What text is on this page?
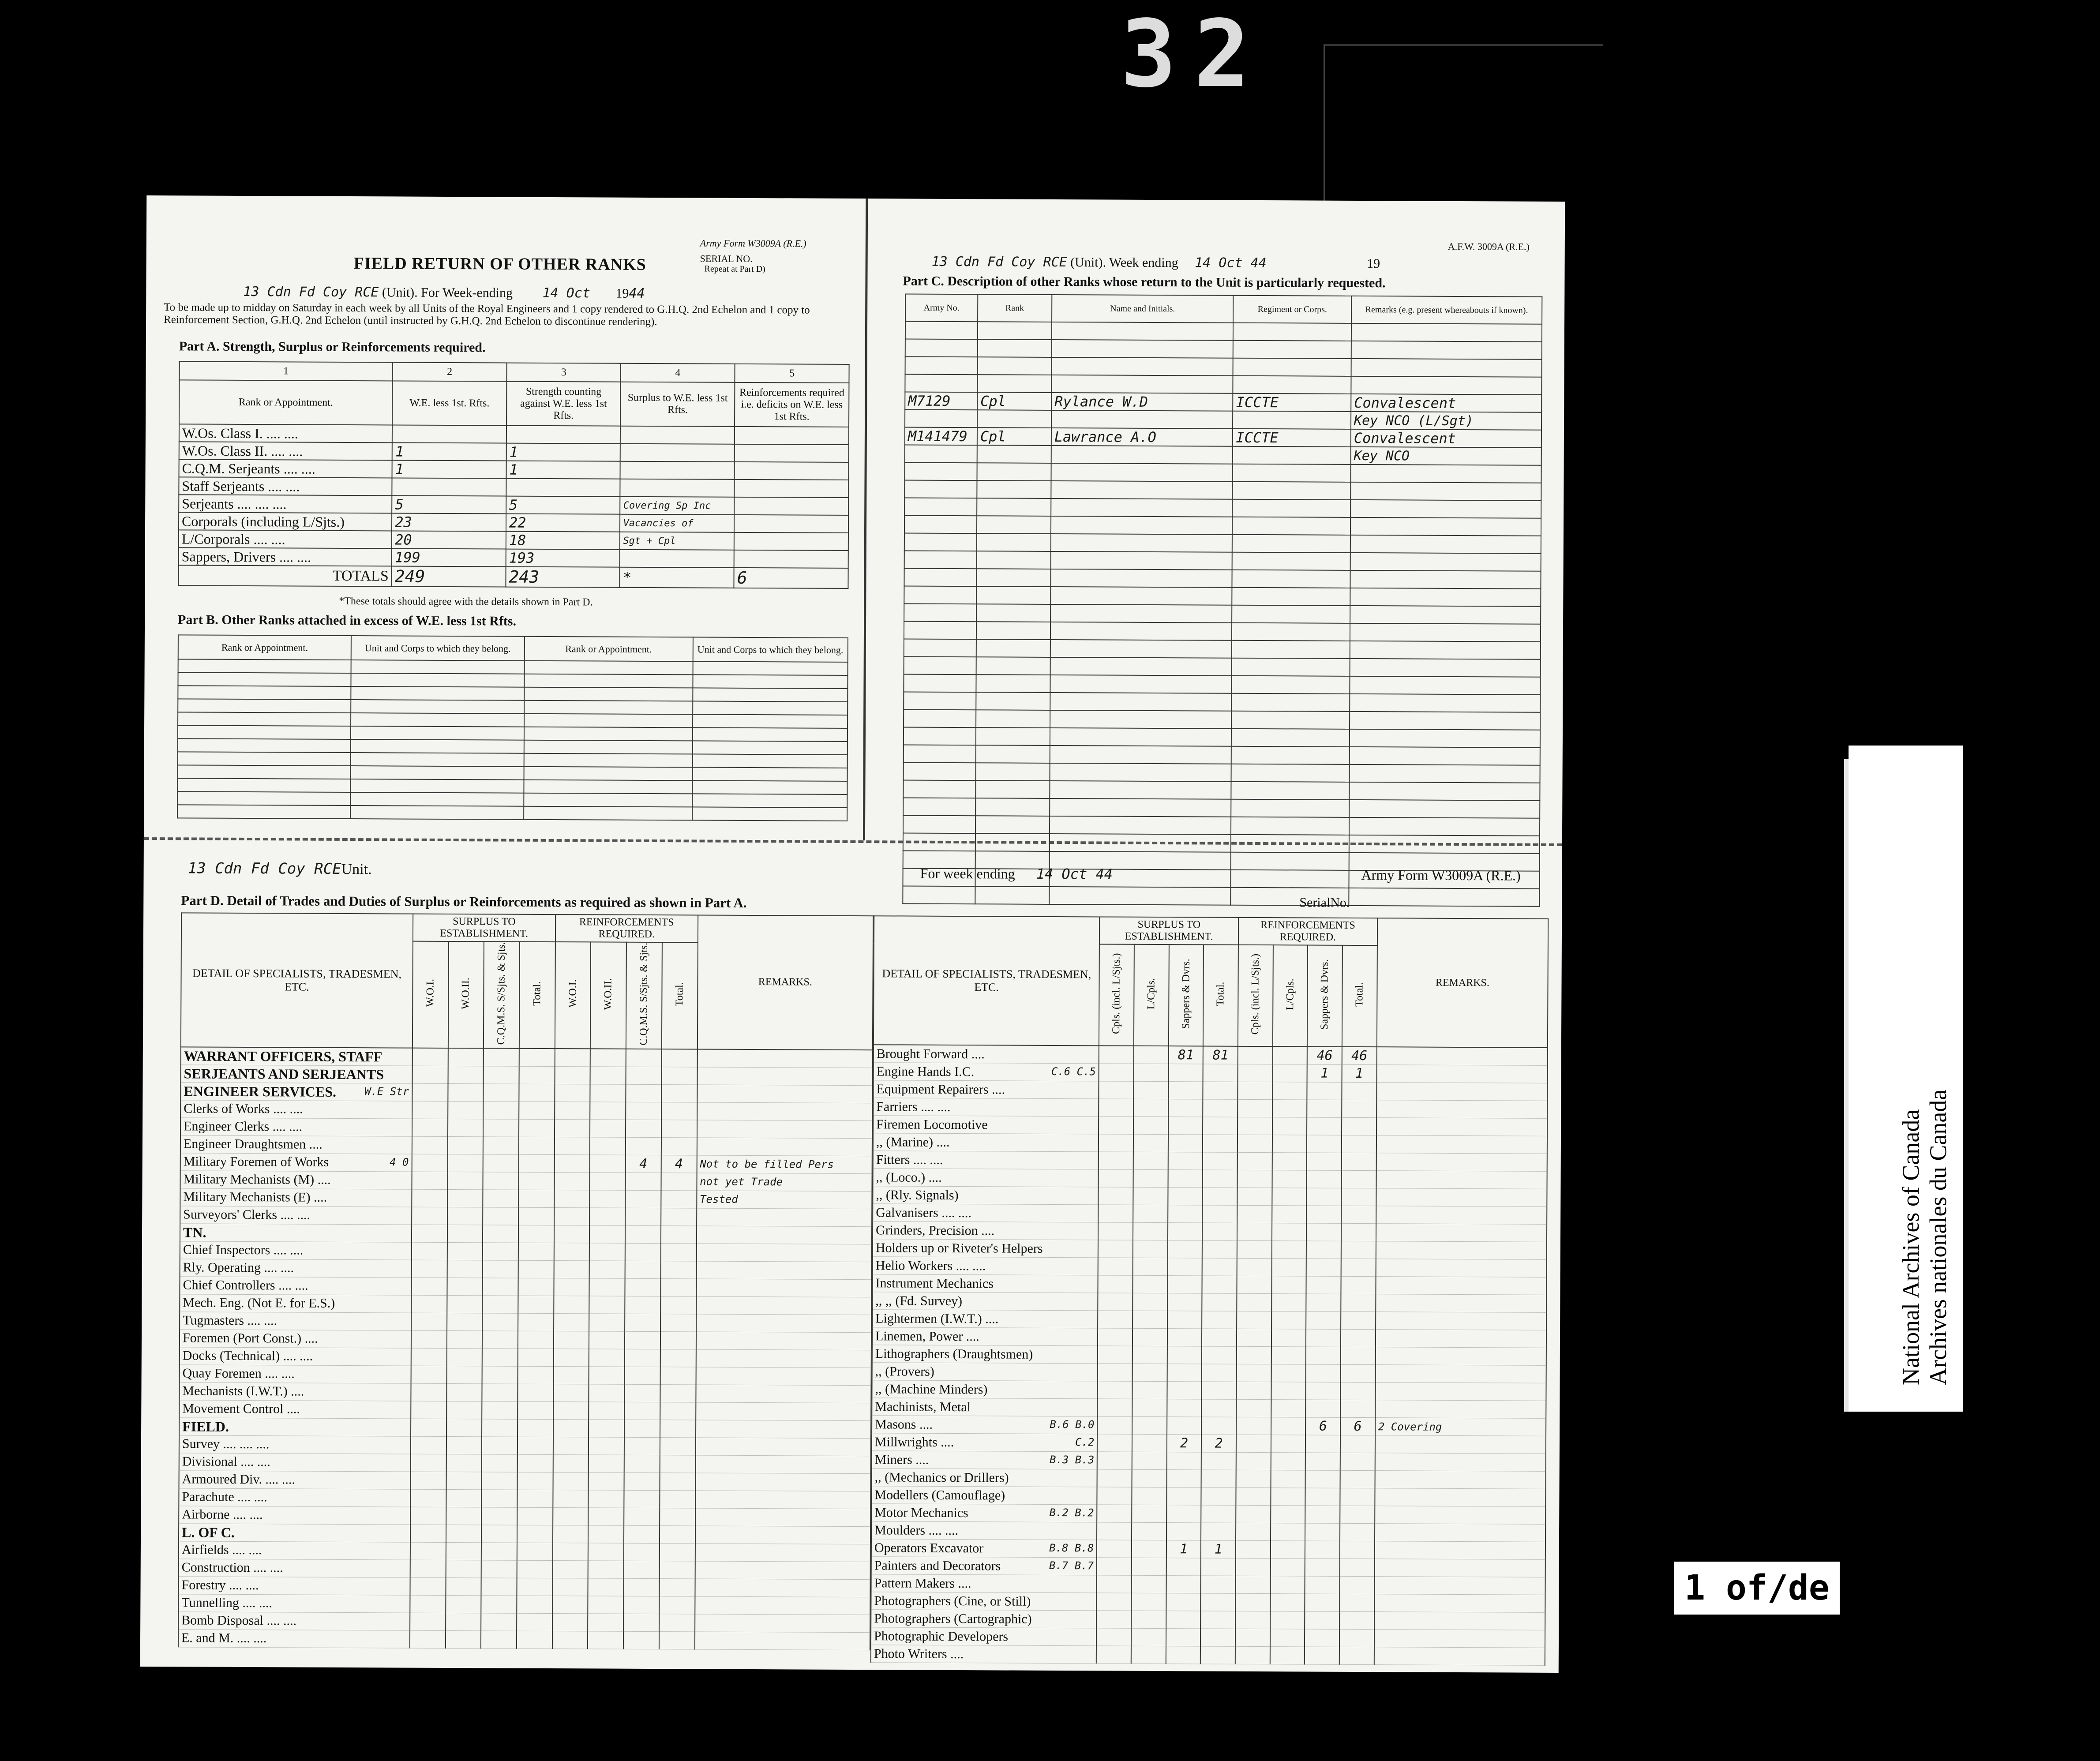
32
Army Form W3009A (R.E.)
FIELD RETURN OF OTHER RANKS	SERIAL NO.
Repeat at Part D)
13 Cdn Fd Coy RCE (Unit). For Week-ending 14 Oct 1944
To be made up to midday on Saturday in each week by all Units of the Royal Engineers and 1 copy rendered to G.H.Q. 2nd Echelon and 1 copy to Reinforcement Section, G.H.Q. 2nd Echelon (until instructed by G.H.Q. 2nd Echelon to discontinue rendering).
Part A. Strength, Surplus or Reinforcements required.
1	2	3	4	5
Rank or Appointment.	W.E. less 1st. Rfts.	Strength counting against W.E. less 1st Rfts.	Surplus to W.E. less 1st Rfts.	Reinforcements required i.e. deficits on W.E. less 1st Rfts.
W.Os. Class I. .... ....				
W.Os. Class II. .... ....	1	1		
C.Q.M. Serjeants .... ....	1	1		
Staff Serjeants .... ....				
Serjeants .... .... ....	5	5	Covering Sp Inc	
Corporals (including L/Sjts.)	23	22	Vacancies of	
L/Corporals .... ....	20	18	Sgt + Cpl	
Sappers, Drivers .... ....	199	193		
TOTALS	249	243	*	6
*These totals should agree with the details shown in Part D.
Part B. Other Ranks attached in excess of W.E. less 1st Rfts.
Rank or Appointment.	Unit and Corps to which they belong.	Rank or Appointment.	Unit and Corps to which they belong.

A.F.W. 3009A (R.E.)
13 Cdn Fd Coy RCE (Unit). Week ending 14 Oct 44	19
Part C. Description of other Ranks whose return to the Unit is particularly requested.
Army No.	Rank	Name and Initials.	Regiment or Corps.	Remarks (e.g. present whereabouts if known).

M7129	Cpl	Rylance W.D	ICCTE	Convalescent
				Key NCO (L/Sgt)
M141479	Cpl	Lawrance A.O	ICCTE	Convalescent
				Key NCO

13 Cdn Fd Coy RCEUnit.	For week ending 14 Oct 44	Army Form W3009A (R.E.)
SerialNo.
Part D. Detail of Trades and Duties of Surplus or Reinforcements as required as shown in Part A.
DETAIL OF SPECIALISTS, TRADESMEN, ETC.	SURPLUS TO ESTABLISHMENT.				REINFORCEMENTS REQUIRED.				REMARKS.
	W.O.I.	W.O.II.	C.Q.M.S. S/Sjts. & Sjts.	Total.	W.O.I.	W.O.II.	C.Q.M.S. S/Sjts. & Sjts.	Total.	
WARRANT OFFICERS, STAFF									
SERJEANTS AND SERJEANTS									
ENGINEER SERVICES. W.E Str									

Clerks of Works .... ....									
Engineer Clerks .... ....									
Engineer Draughtsmen ....									
Military Foremen of Works 4 0							4	4	Not to be filled Pers
Military Mechanists (M) ....									not yet Trade
Military Mechanists (E) ....									Tested
Surveyors' Clerks .... ....									
TN.									
Chief Inspectors .... ....									
Rly. Operating .... ....									
Chief Controllers .... ....									
Mech. Eng. (Not E. for E.S.)									
Tugmasters .... ....									
Foremen (Port Const.) ....									
Docks (Technical) .... ....									
Quay Foremen .... ....									
Mechanists (I.W.T.) ....									
Movement Control ....									
FIELD.									
Survey .... .... ....									
Divisional .... ....									
Armoured Div. .... ....									
Parachute .... ....									
Airborne .... ....									
L. OF C.									
Airfields .... ....									
Construction .... ....									
Forestry .... ....									
Tunnelling .... ....									
Bomb Disposal .... ....									
E. and M. .... ....									
DETAIL OF SPECIALISTS, TRADESMEN, ETC.	SURPLUS TO ESTABLISHMENT.				REINFORCEMENTS REQUIRED.				REMARKS.
	Cpls. (incl. L/Sjts.)	L/Cpls.	Sappers & Dvrs.	Total.	Cpls. (incl. L/Sjts.)	L/Cpls.	Sappers & Dvrs.	Total.	
Brought Forward ....			81	81			46	46	
Engine Hands I.C. C.6 C.5							1	1	
Equipment Repairers ....									
Farriers .... ....									
Firemen Locomotive									
,, (Marine) ....									
Fitters .... ....									
,, (Loco.) ....									
,, (Rly. Signals)									
Galvanisers .... ....									
Grinders, Precision ....									
Holders up or Riveter's Helpers									
Helio Workers .... ....									
Instrument Mechanics									
,, ,, (Fd. Survey)									
Lightermen (I.W.T.) ....									
Linemen, Power ....									
Lithographers (Draughtsmen)									
,, (Provers)									
,, (Machine Minders)									
Machinists, Metal									
Masons .... B.6 B.0							6	6	2 Covering
Millwrights .... C.2			2	2					
Miners .... B.3 B.3									

,, (Mechanics or Drillers)									
Modellers (Camouflage)									
Motor Mechanics B.2 B.2									

Moulders .... ....									
Operators Excavator B.8 B.8			1	1					
Painters and Decorators B.7 B.7									

Pattern Makers ....									
Photographers (Cine, or Still)									
Photographers (Cartographic)									
Photographic Developers									
Photo Writers ....									
National Archives of Canada Archives nationales du Canada
1 of/de
